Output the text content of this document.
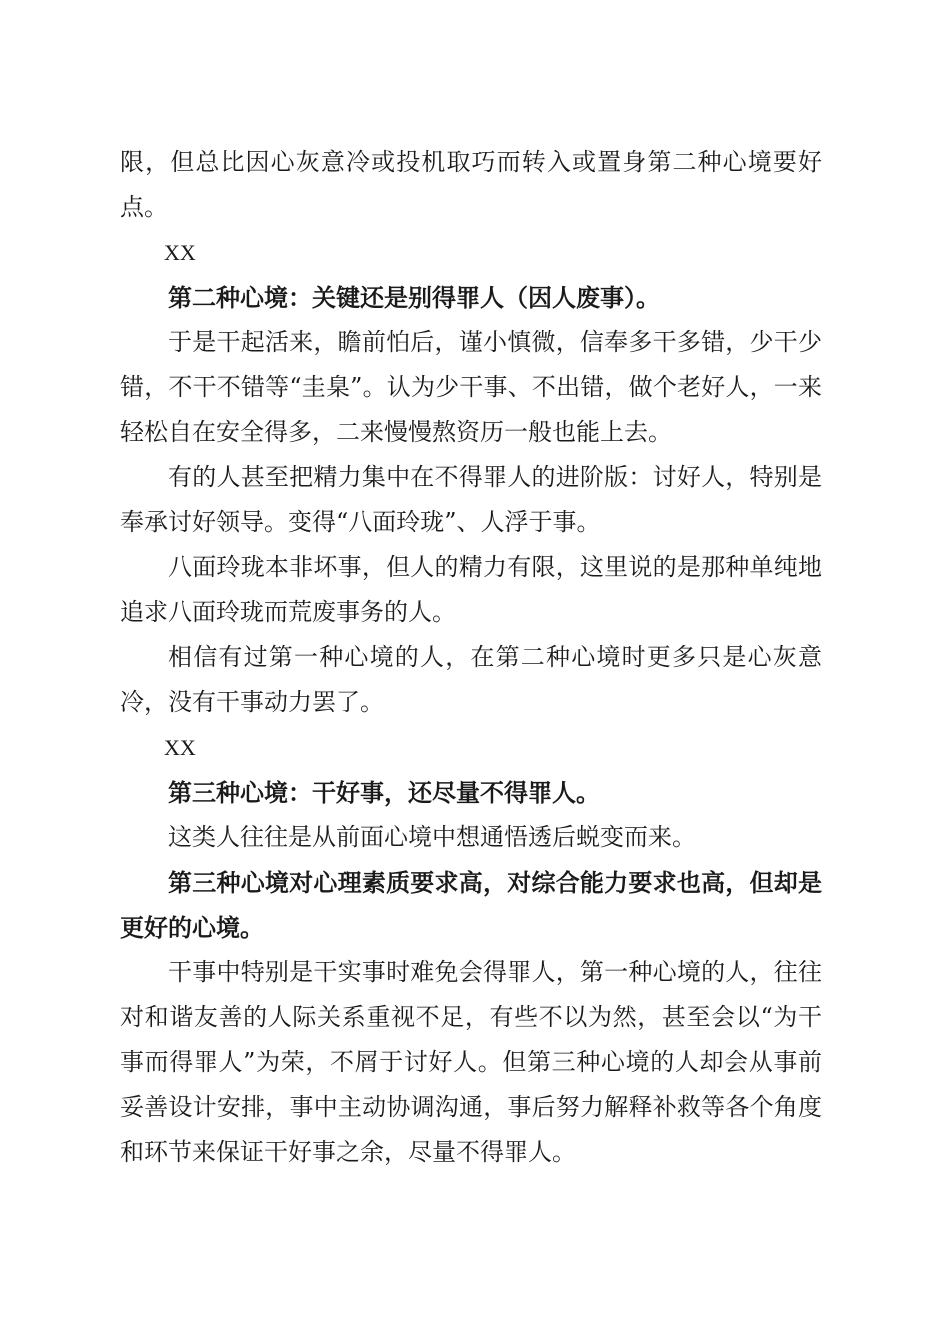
限，但总比因心灰意冷或投机取巧而转入或置身第二种心境要好点。

XX

第二种心境：关键还是别得罪人（因人废事）。

于是干起活来，瞻前怕后，谨小慎微，信奉多干多错，少干少错，不干不错等“圭臬”。认为少干事、不出错，做个老好人，一来轻松自在安全得多，二来慢慢熬资历一般也能上去。

有的人甚至把精力集中在不得罪人的进阶版：讨好人，特别是奉承讨好领导。变得“八面玲珑”、人浮于事。

八面玲珑本非坏事，但人的精力有限，这里说的是那种单纯地追求八面玲珑而荒废事务的人。

相信有过第一种心境的人，在第二种心境时更多只是心灰意冷，没有干事动力罢了。

XX

第三种心境：干好事，还尽量不得罪人。

这类人往往是从前面心境中想通悟透后蜕变而来。

第三种心境对心理素质要求高，对综合能力要求也高，但却是更好的心境。

干事中特别是干实事时难免会得罪人，第一种心境的人，往往对和谐友善的人际关系重视不足，有些不以为然，甚至会以“为干事而得罪人”为荣，不屑于讨好人。但第三种心境的人却会从事前妥善设计安排，事中主动协调沟通，事后努力解释补救等各个角度和环节来保证干好事之余，尽量不得罪人。
